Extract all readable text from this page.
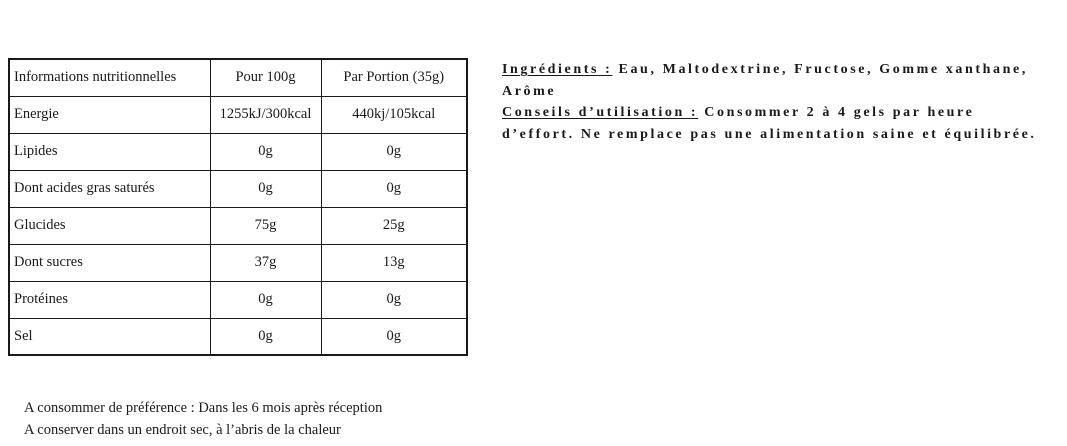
Informations nutritionnelles	Pour 100g	Par Portion (35g)
Energie	1255kJ/300kcal	440kj/105kcal
Lipides	0g	0g
Dont acides gras saturés	0g	0g
Glucides	75g	25g
Dont sucres	37g	13g
Protéines	0g	0g
Sel	0g	0g

Ingrédients : Eau, Maltodextrine, Fructose, Gomme xanthane, Arôme

Conseils d’utilisation : Consommer 2 à 4 gels par heure d’effort. Ne remplace pas une alimentation saine et équilibrée.

A consommer de préférence : Dans les 6 mois après réception
A conserver dans un endroit sec, à l’abris de la chaleur
